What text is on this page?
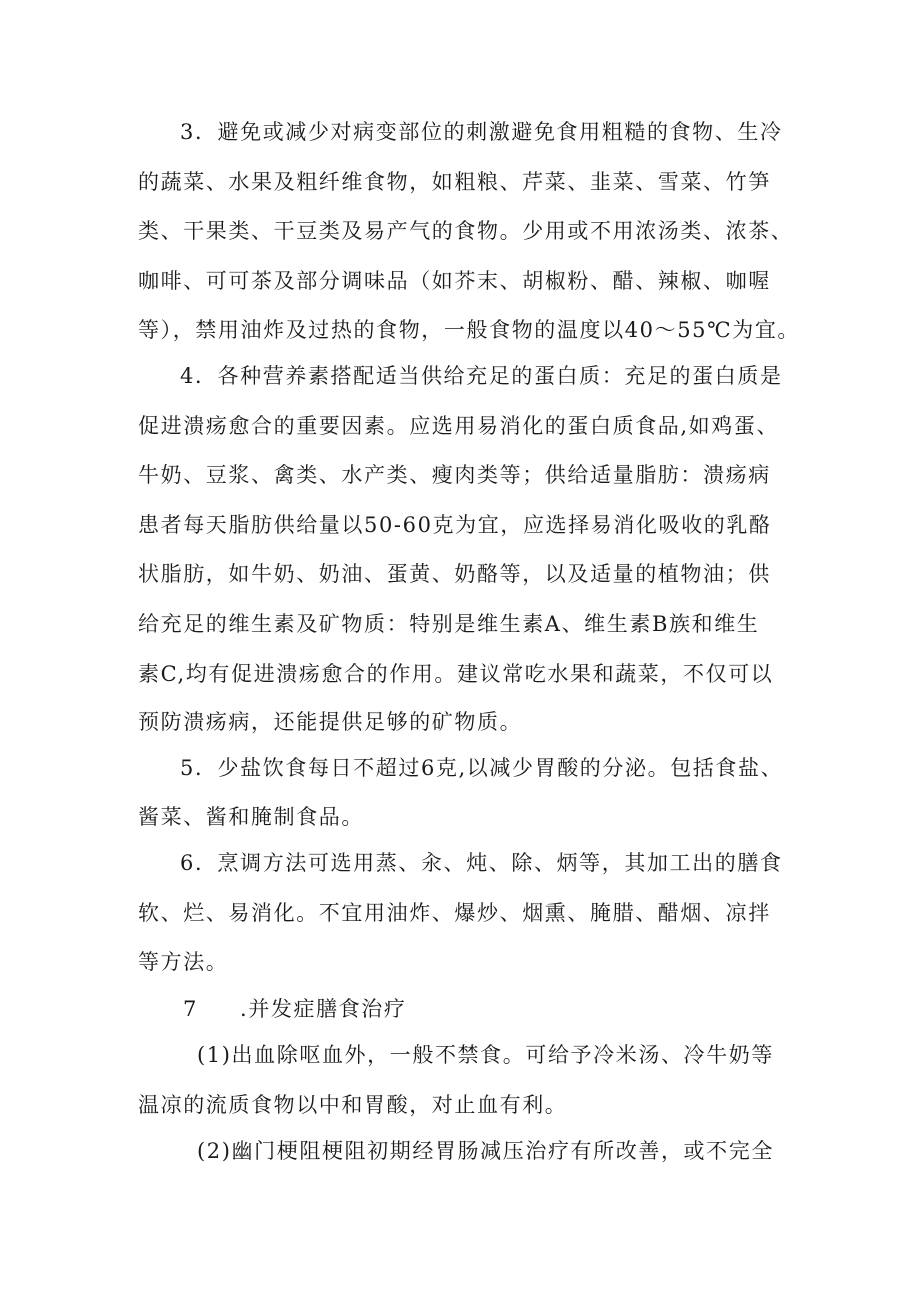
3．避免或减少对病变部位的刺激避免食用粗糙的食物、生冷
的蔬菜、水果及粗纤维食物，如粗粮、芹菜、韭菜、雪菜、竹笋
类、干果类、干豆类及易产气的食物。少用或不用浓汤类、浓茶、
咖啡、可可茶及部分调味品（如芥末、胡椒粉、醋、辣椒、咖喔
等），禁用油炸及过热的食物，一般食物的温度以40～55℃为宜。
4．各种营养素搭配适当供给充足的蛋白质：充足的蛋白质是
促进溃疡愈合的重要因素。应选用易消化的蛋白质食品,如鸡蛋、
牛奶、豆浆、禽类、水产类、瘦肉类等；供给适量脂肪：溃疡病
患者每天脂肪供给量以50-60克为宜，应选择易消化吸收的乳酪
状脂肪，如牛奶、奶油、蛋黄、奶酪等，以及适量的植物油；供
给充足的维生素及矿物质：特别是维生素A、维生素B族和维生
素C,均有促进溃疡愈合的作用。建议常吃水果和蔬菜，不仅可以
预防溃疡病，还能提供足够的矿物质。
5．少盐饮食每日不超过6克,以减少胃酸的分泌。包括食盐、
酱菜、酱和腌制食品。
6．烹调方法可选用蒸、汆、炖、除、炳等，其加工出的膳食
软、烂、易消化。不宜用油炸、爆炒、烟熏、腌腊、醋烟、凉拌
等方法。
7 .并发症膳食治疗
(1)出血除呕血外，一般不禁食。可给予冷米汤、冷牛奶等
温凉的流质食物以中和胃酸，对止血有利。
(2)幽门梗阻梗阻初期经胃肠减压治疗有所改善，或不完全
